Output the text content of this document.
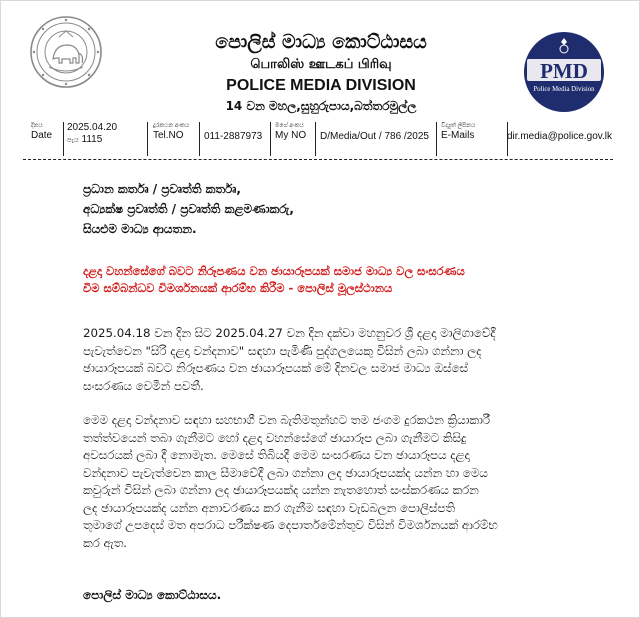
පොලිස් මාධ්‍ය කොට්ඨාසය
பொலிஸ் ஊடகப் பிரிவு
POLICE MEDIA DIVISION
14 වන මහල,සුහුරුපාය,බත්තරමුල්ල
PMD
Police Media Division
දිනය
Date
2025.04.20
පැය 1115
දුරකථන අංකය
Tel.NO	011-2887973
මගේ අංකය
My NO	D/Media/Out / 786 /2025
විද්‍යුත් ලිපිනය
E-Mails	dir.media@police.gov.lk
ප්‍රධාන කර්තෘ / ප්‍රවෘත්ති කර්තෘ,
අධ්‍යක්ෂ ප්‍රවෘත්ති / ප්‍රවෘත්ති කළමණාකරු,
සියළුම මාධ්‍ය ආයතන.
දළදා වහන්සේගේ බවට නිරූපණය වන ඡායාරූපයක් සමාජ මාධ්‍ය වල සංසරණය
වීම සම්බන්ධව විමර්ශනයක් ආරම්භ කිරීම - පොලිස් මූලස්ථානය
2025.04.18 වන දින සිට 2025.04.27 වන දින දක්වා මහනුවර ශ්‍රී දළදා මාලිගාවේදී
පැවැත්වෙන "සිරි දළදා වන්දනාව" සඳහා පැමිණි පුද්ගලයෙකු විසින් ලබා ගන්නා ලද
ඡායාරූපයක් බවට නිරූපණය වන ඡායාරූපයක් මේ දිනවල සමාජ මාධ්‍ය ඔස්සේ
සංසරණය වෙමින් පවතී.
මෙම දළදා වන්දනාව සඳහා සහභාගී වන බැතිමතුන්හට තම ජංගම දුරකථන ක්‍රියාකාරී
තත්ත්වයෙන් තබා ගැනීමට හෝ දළදා වහන්සේගේ ඡායාරූප ලබා ගැනීමට කිසිදු
අවසරයක් ලබා දී නොමැත. මෙසේ තිබියදී මෙම සංසරණය වන ඡායාරූපය දළදා
වන්දනාව පැවැත්වෙන කාල සීමාවේදී ලබා ගන්නා ලද ඡායාරූපයක්ද යන්න හා මෙය
කවුරුන් විසින් ලබා ගන්නා ලද ඡායාරූපයක්ද යන්න නැතහොත් සංස්කරණය කරන
ලද ඡායාරූපයක්ද යන්න අනාවරණය කර ගැනීම සඳහා වැඩබලන පොලිස්පති
තුමාගේ උපදෙස් මත අපරාධ පරීක්ෂණ දෙපාර්තමේන්තුව විසින් විමර්ශනයක් ආරම්භ
කර ඇත.
පොලිස් මාධ්‍ය කොට්ඨාසය.
